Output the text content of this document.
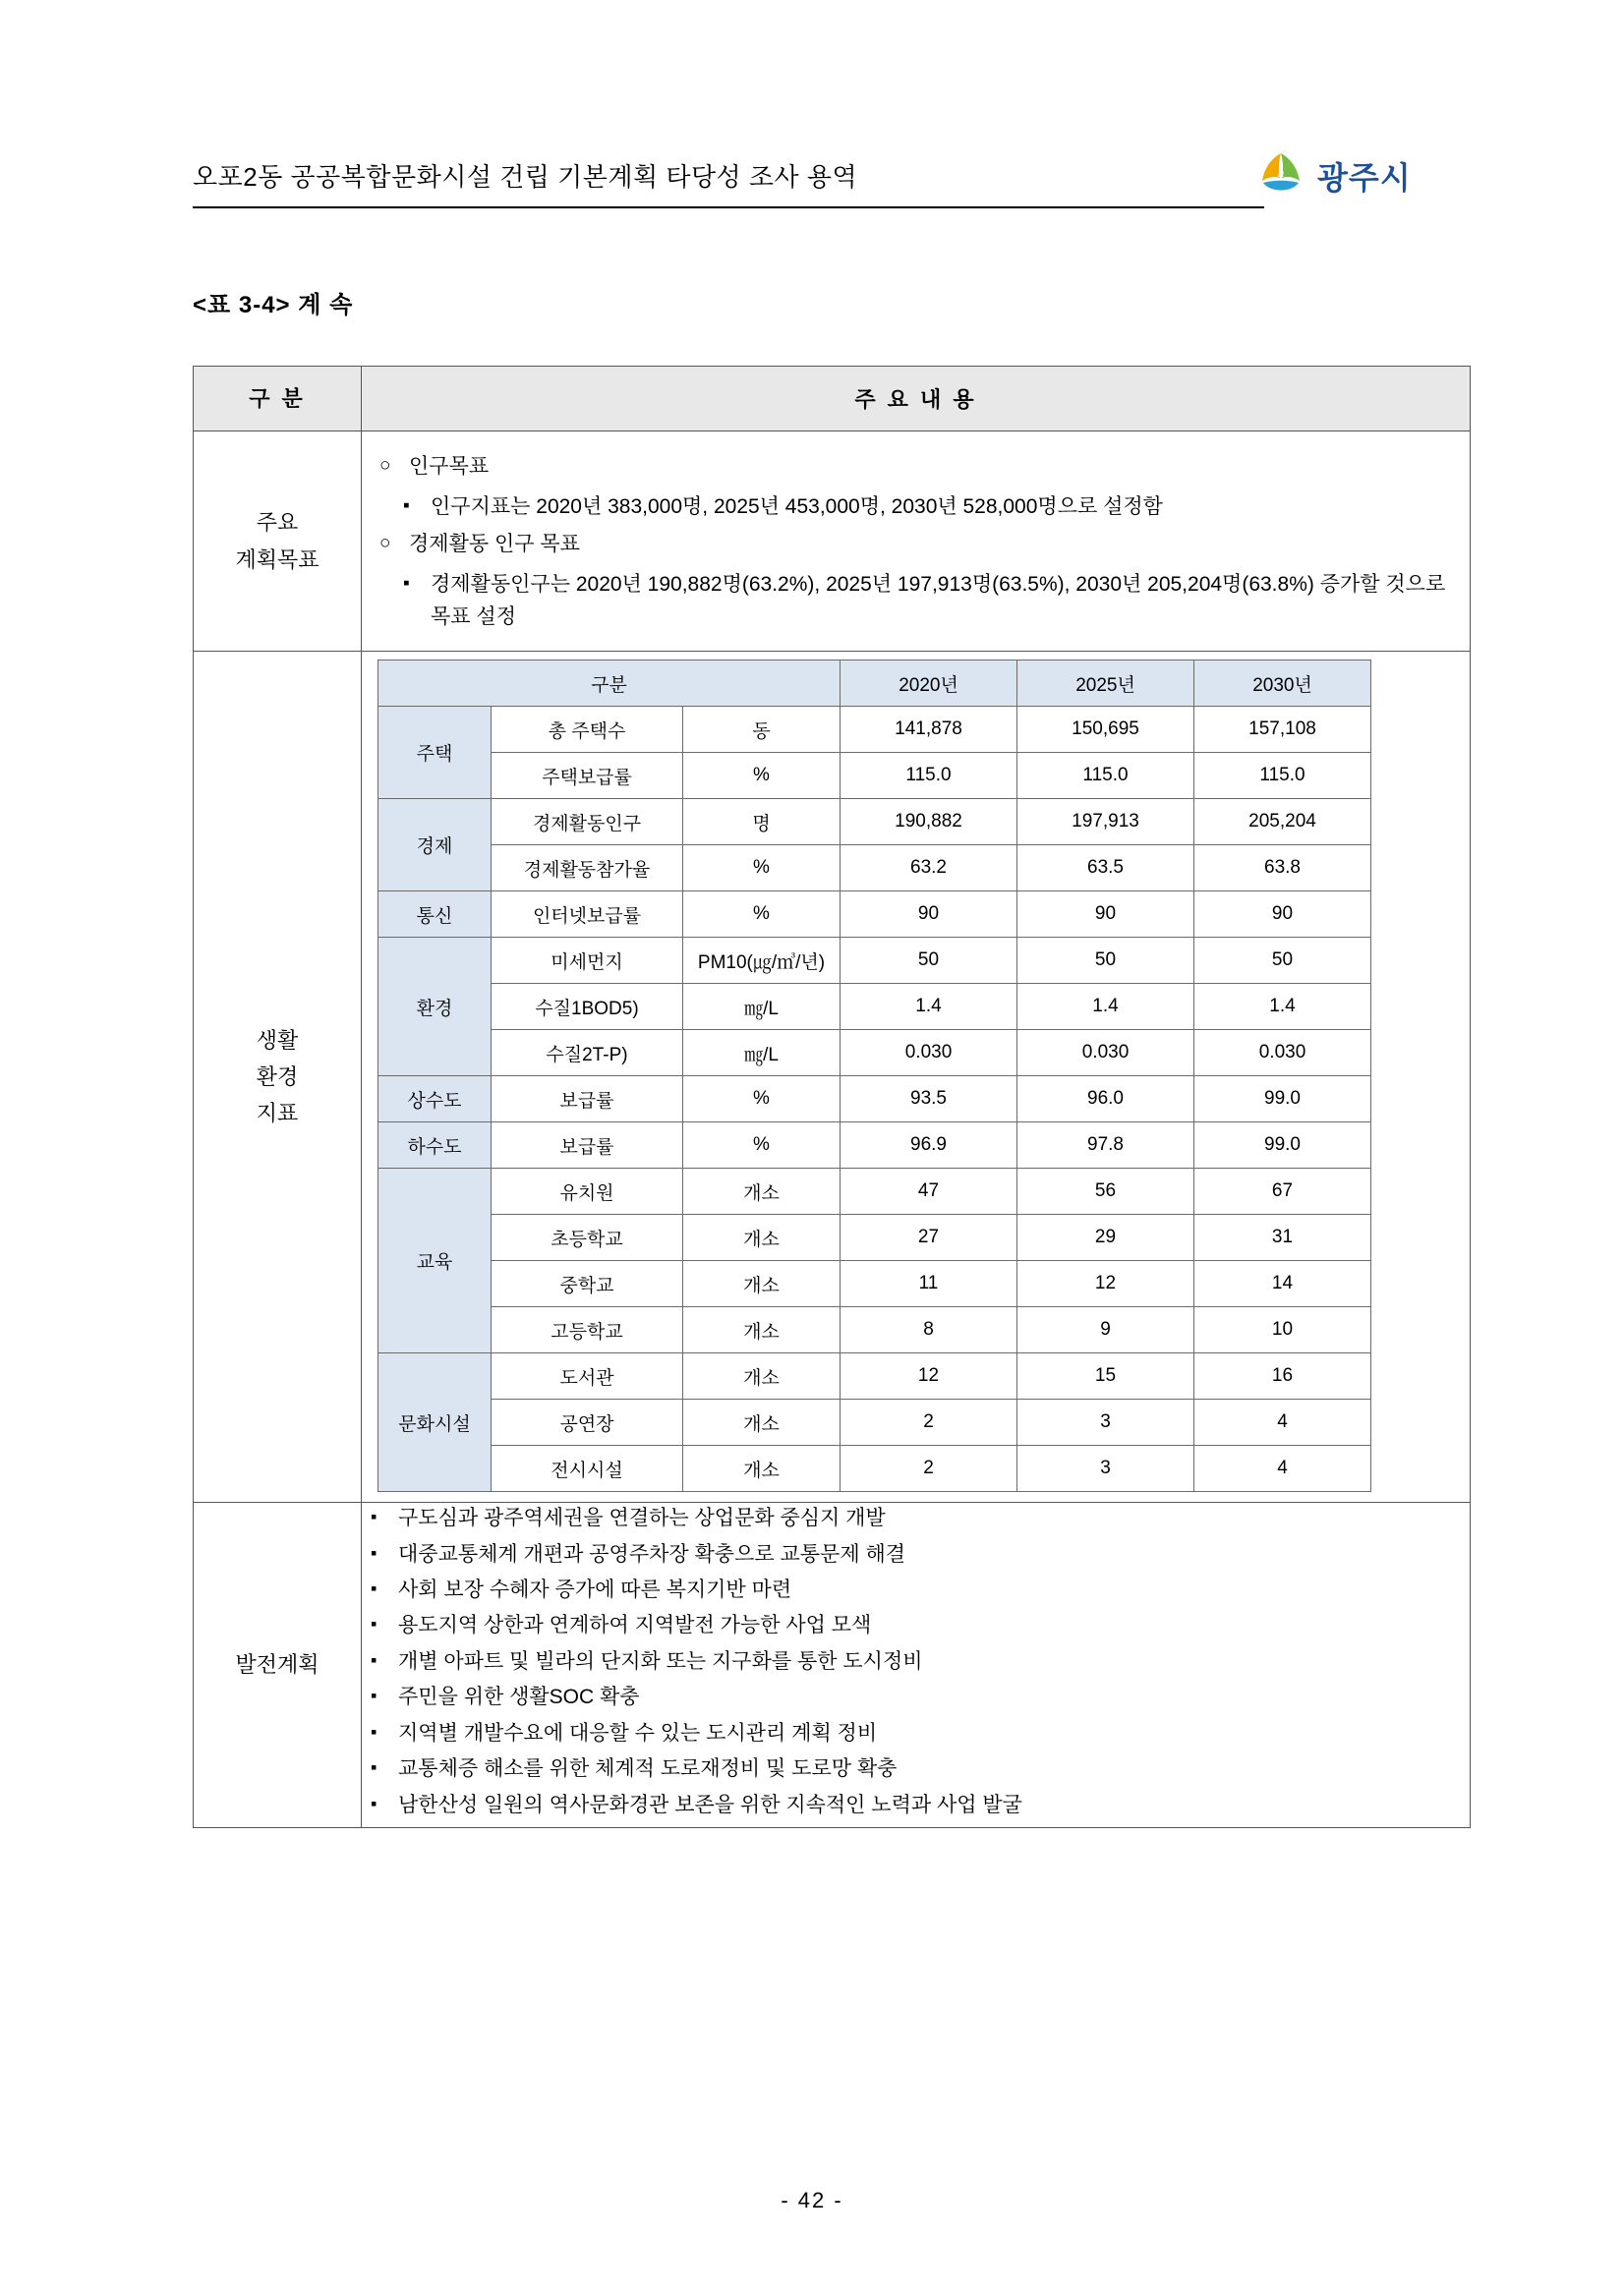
오포2동 공공복합문화시설 건립 기본계획 타당성 조사 용역	n 광주시
<표 3-4> 계 속
구 분	주 요 내 용

주요
계획목표

○ 인구목표
▪ 인구지표는 2020년 383,000명, 2025년 453,000명, 2030년 528,000명으로 설정함
○ 경제활동 인구 목표
▪ 경제활동인구는 2020년 190,882명(63.2%), 2025년 197,913명(63.5%), 2030년 205,204명(63.8%) 증가할 것으로 목표 설정

생활
환경
지표

구분	2020년	2025년	2030년
주택	총 주택수	동	141,878	150,695	157,108
주택보급률	%	115.0	115.0	115.0
경제	경제활동인구	명	190,882	197,913	205,204
경제활동참가율	%	63.2	63.5	63.8
통신	인터넷보급률	%	90	90	90
환경	미세먼지	PM10(㎍/㎥/년)	50	50	50
수질1BOD5)	㎎/L	1.4	1.4	1.4
수질2T-P)	㎎/L	0.030	0.030	0.030
상수도	보급률	%	93.5	96.0	99.0
하수도	보급률	%	96.9	97.8	99.0
교육	유치원	개소	47	56	67
초등학교	개소	27	29	31
중학교	개소	11	12	14
고등학교	개소	8	9	10
문화시설	도서관	개소	12	15	16
공연장	개소	2	3	4
전시시설	개소	2	3	4

발전계획	
▪ 구도심과 광주역세권을 연결하는 상업문화 중심지 개발
▪ 대중교통체계 개편과 공영주차장 확충으로 교통문제 해결
▪ 사회 보장 수혜자 증가에 따른 복지기반 마련
▪ 용도지역 상한과 연계하여 지역발전 가능한 사업 모색
▪ 개별 아파트 및 빌라의 단지화 또는 지구화를 통한 도시정비
▪ 주민을 위한 생활SOC 확충
▪ 지역별 개발수요에 대응할 수 있는 도시관리 계획 정비
▪ 교통체증 해소를 위한 체계적 도로재정비 및 도로망 확충
▪ 남한산성 일원의 역사문화경관 보존을 위한 지속적인 노력과 사업 발굴
- 42 -
